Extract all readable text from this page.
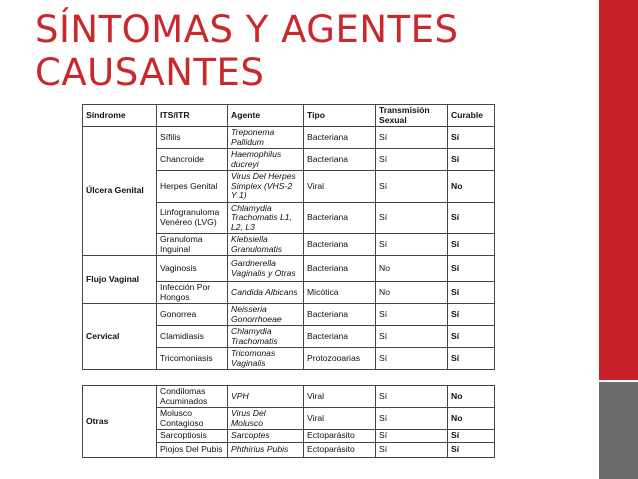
SÍNTOMAS Y AGENTES
CAUSANTES
Síndrome	ITS/ITR	Agente	Tipo	Transmisión Sexual	Curable
Úlcera Genital	Sífilis	Treponema Pallidum	Bacteriana	Sí	Sí
	Chancroide	Haemophilus ducreyi	Bacteriana	Sí	Sí
	Herpes Genital	Virus Del Herpes Simplex (VHS-2 Y 1)	Viral	Sí	No
	Linfogranuloma Venéreo (LVG)	Chlamydia Trachomatis L1, L2, L3	Bacteriana	Sí	Sí
	Granuloma Inguinal	Klebsiella Granulomatis	Bacteriana	Sí	Sí
Flujo Vaginal	Vaginosis	Gardnerella Vaginalis y Otras	Bacteriana	No	Sí
	Infección Por Hongos	Candida Albicans	Micótica	No	Sí
Cervical	Gonorrea	Neisseria Gonorrhoeae	Bacteriana	Sí	Sí
	Clamidiasis	Chlamydia Trachomatis	Bacteriana	Sí	Sí
	Tricomoniasis	Tricomonas Vaginalis	Protozooarias	Sí	Sí

Otras	Condilomas Acuminados	VPH	Viral	Sí	No
	Molusco Contagioso	Virus Del Molusco	Viral	Sí	No
	Sarcoptiosis	Sarcoptes	Ectoparásito	Sí	Sí
	Piojos Del Pubis	Phthirius Pubis	Ectoparásito	Sí	Sí
